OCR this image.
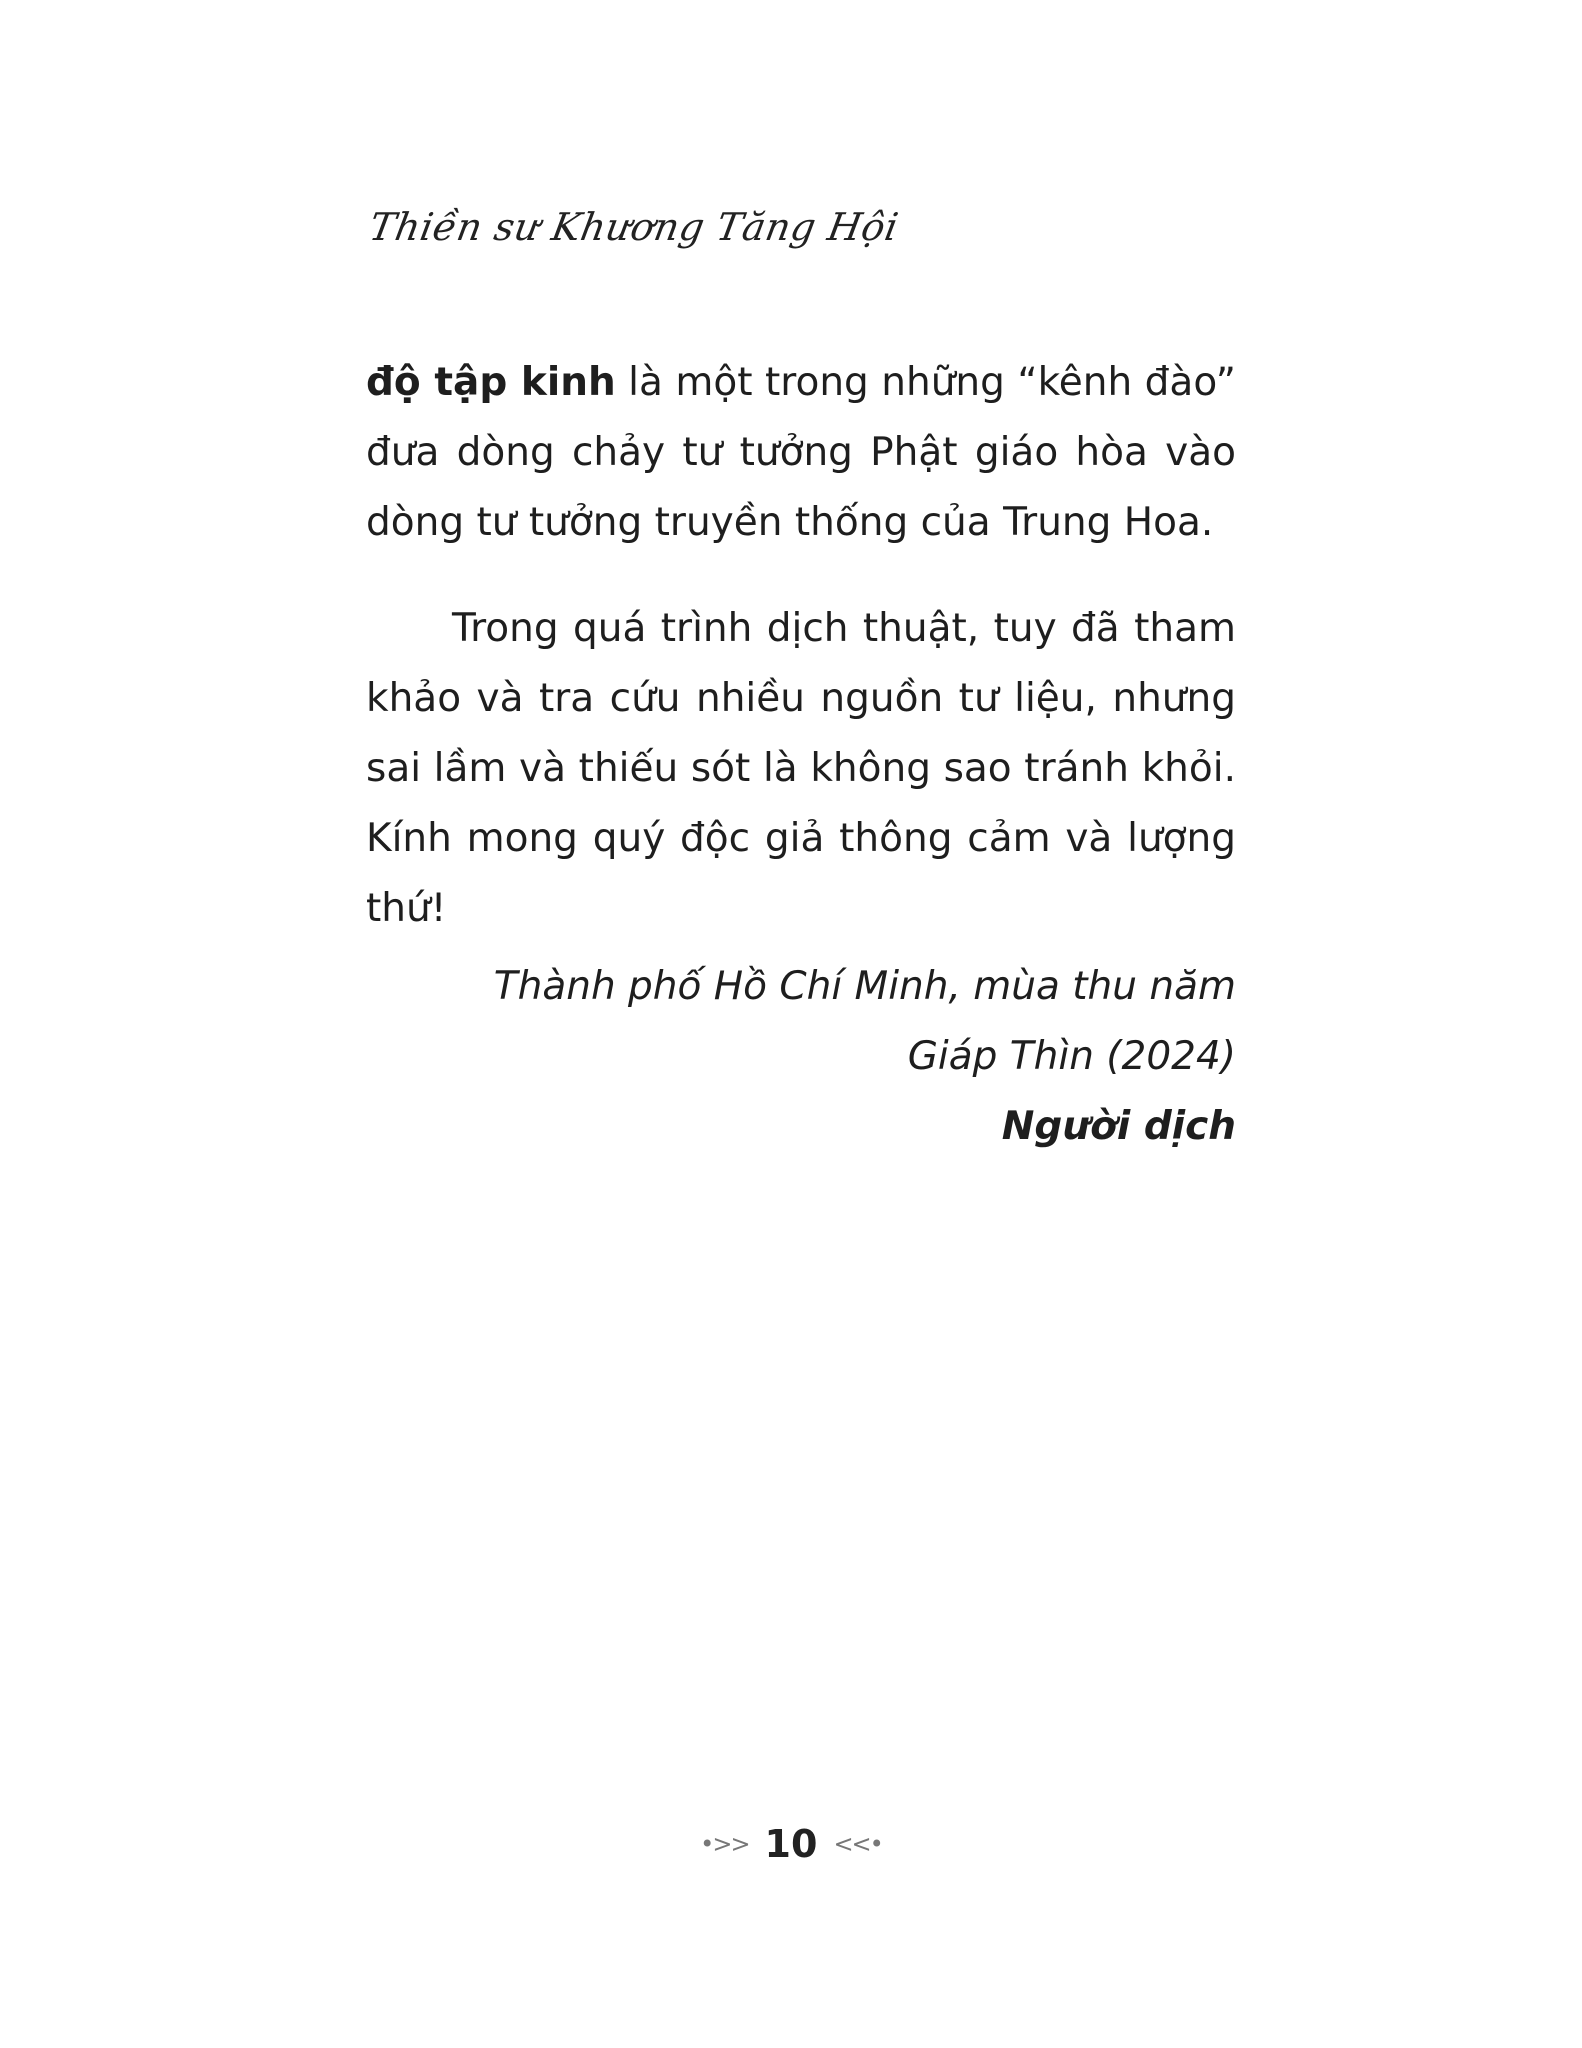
Thiền sư Khương Tăng Hội

độ tập kinh là một trong những “kênh đào” đưa dòng chảy tư tưởng Phật giáo hòa vào dòng tư tưởng truyền thống của Trung Hoa.

Trong quá trình dịch thuật, tuy đã tham khảo và tra cứu nhiều nguồn tư liệu, nhưng sai lầm và thiếu sót là không sao tránh khỏi. Kính mong quý độc giả thông cảm và lượng thứ!

Thành phố Hồ Chí Minh, mùa thu năm
Giáp Thìn (2024)
Người dịch
•>> 10 <<•
